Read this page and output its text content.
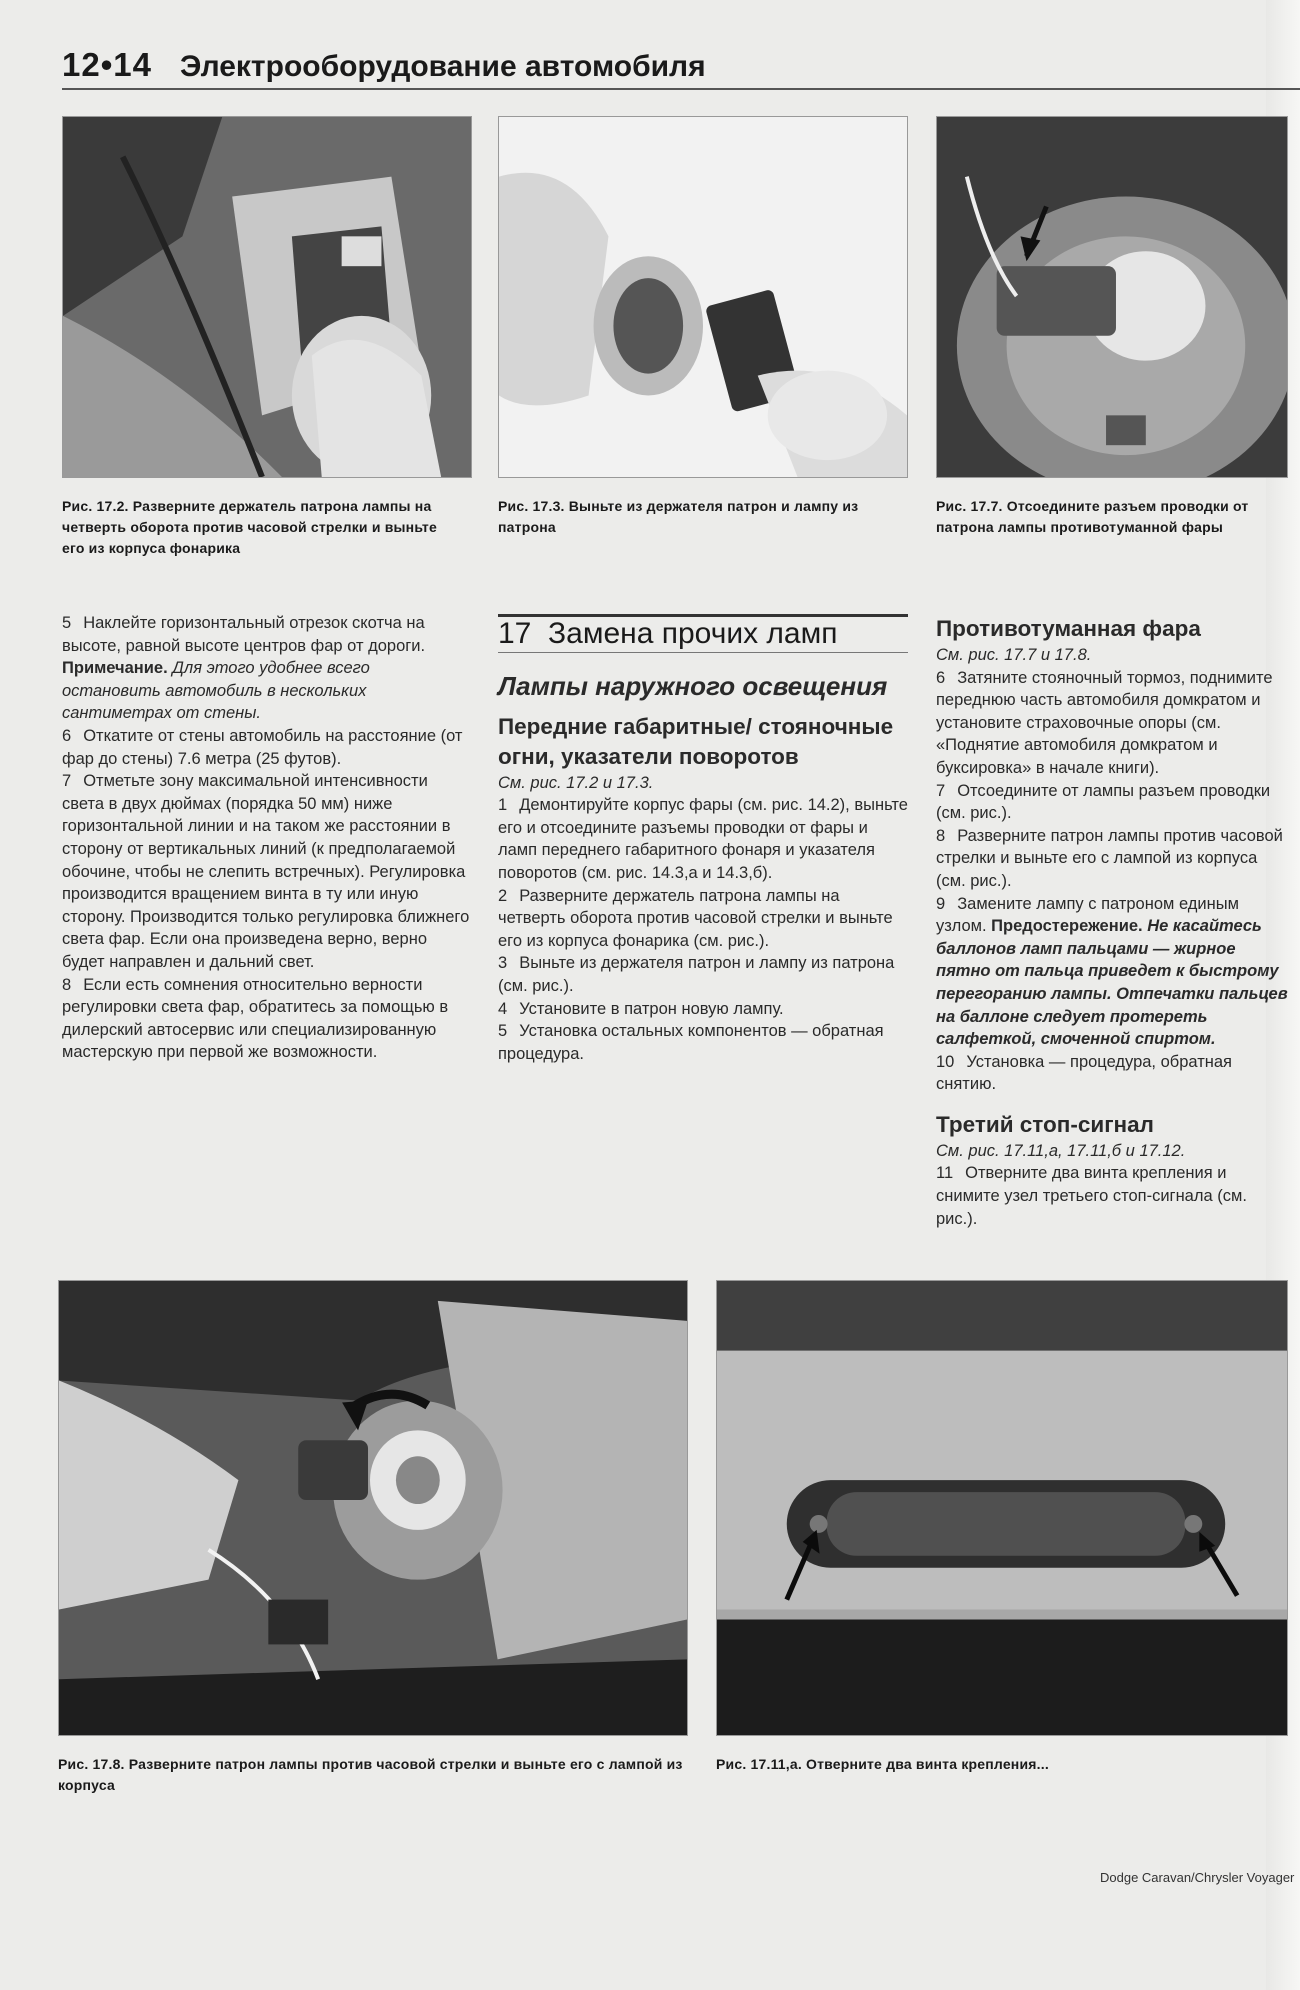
12•14 Электрооборудование автомобиля
Рис. 17.2. Разверните держатель патрона лампы на четверть оборота против часовой стрелки и выньте его из корпуса фонарика
Рис. 17.3. Выньте из держателя патрон и лампу из патрона
Рис. 17.7. Отсоедините разъем проводки от патрона лампы противотуманной фары

5 Наклейте горизонтальный отрезок скотча на высоте, равной высоте центров фар от дороги. Примечание. Для этого удобнее всего остановить автомобиль в нескольких сантиметрах от стены.

6 Откатите от стены автомобиль на расстояние (от фар до стены) 7.6 метра (25 футов).

7 Отметьте зону максимальной интенсивности света в двух дюймах (порядка 50 мм) ниже горизонтальной линии и на таком же расстоянии в сторону от вертикальных линий (к предполагаемой обочине, чтобы не слепить встречных). Регулировка производится вращением винта в ту или иную сторону. Производится только регулировка ближнего света фар. Если она произведена верно, верно будет направлен и дальний свет.

8 Если есть сомнения относительно верности регулировки света фар, обратитесь за помощью в дилерский автосервис или специализированную мастерскую при первой же возможности.

17 Замена прочих ламп
Лампы наружного освещения
Передние габаритные/ стояночные огни, указатели поворотов

См. рис. 17.2 и 17.3.

1 Демонтируйте корпус фары (см. рис. 14.2), выньте его и отсоедините разъемы проводки от фары и ламп переднего габаритного фонаря и указателя поворотов (см. рис. 14.3,а и 14.3,б).

2 Разверните держатель патрона лампы на четверть оборота против часовой стрелки и выньте его из корпуса фонарика (см. рис.).

3 Выньте из держателя патрон и лампу из патрона (см. рис.).

4 Установите в патрон новую лампу.

5 Установка остальных компонентов — обратная процедура.

Противотуманная фара

См. рис. 17.7 и 17.8.

6 Затяните стояночный тормоз, поднимите переднюю часть автомобиля домкратом и установите страховочные опоры (см. «Поднятие автомобиля домкратом и буксировка» в начале книги).

7 Отсоедините от лампы разъем проводки (см. рис.).

8 Разверните патрон лампы против часовой стрелки и выньте его с лампой из корпуса (см. рис.).

9 Замените лампу с патроном единым узлом. Предостережение. Не касайтесь баллонов ламп пальцами — жирное пятно от пальца приведет к быстрому перегоранию лампы. Отпечатки пальцев на баллоне следует протереть салфеткой, смоченной спиртом.

10 Установка — процедура, обратная снятию.

Третий стоп-сигнал

См. рис. 17.11,а, 17.11,б и 17.12.

11 Отверните два винта крепления и снимите узел третьего стоп-сигнала (см. рис.).

Рис. 17.8. Разверните патрон лампы против часовой стрелки и выньте его с лампой из корпуса
Рис. 17.11,а. Отверните два винта крепления...
Dodge Caravan/Chrysler Voyager
